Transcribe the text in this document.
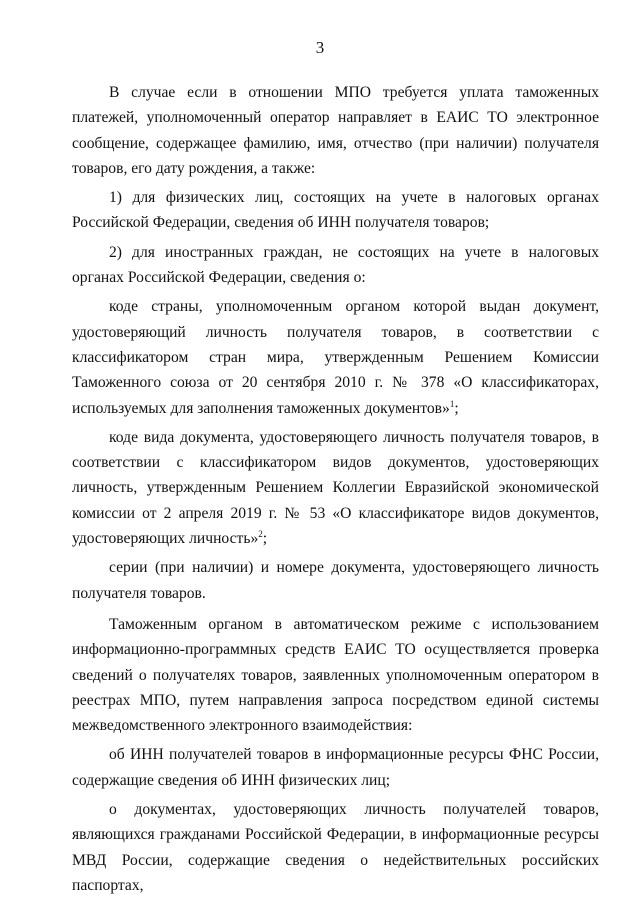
3

В случае если в отношении МПО требуется уплата таможенных платежей, уполномоченный оператор направляет в ЕАИС ТО электронное сообщение, содержащее фамилию, имя, отчество (при наличии) получателя товаров, его дату рождения, а также:

1) для физических лиц, состоящих на учете в налоговых органах Российской Федерации, сведения об ИНН получателя товаров;

2) для иностранных граждан, не состоящих на учете в налоговых органах Российской Федерации, сведения о:

коде страны, уполномоченным органом которой выдан документ, удостоверяющий личность получателя товаров, в соответствии с классификатором стран мира, утвержденным Решением Комиссии Таможенного союза от 20 сентября 2010 г. № 378 «О классификаторах, используемых для заполнения таможенных документов»$^1$;

коде вида документа, удостоверяющего личность получателя товаров, в соответствии с классификатором видов документов, удостоверяющих личность, утвержденным Решением Коллегии Евразийской экономической комиссии от 2 апреля 2019 г. № 53 «О классификаторе видов документов, удостоверяющих личность»$^2$;

серии (при наличии) и номере документа, удостоверяющего личность получателя товаров.

Таможенным органом в автоматическом режиме с использованием информационно-программных средств ЕАИС ТО осуществляется проверка сведений о получателях товаров, заявленных уполномоченным оператором в реестрах МПО, путем направления запроса посредством единой системы межведомственного электронного взаимодействия:

об ИНН получателей товаров в информационные ресурсы ФНС России, содержащие сведения об ИНН физических лиц;

о документах, удостоверяющих личность получателей товаров, являющихся гражданами Российской Федерации, в информационные ресурсы МВД России, содержащие сведения о недействительных российских паспортах,
